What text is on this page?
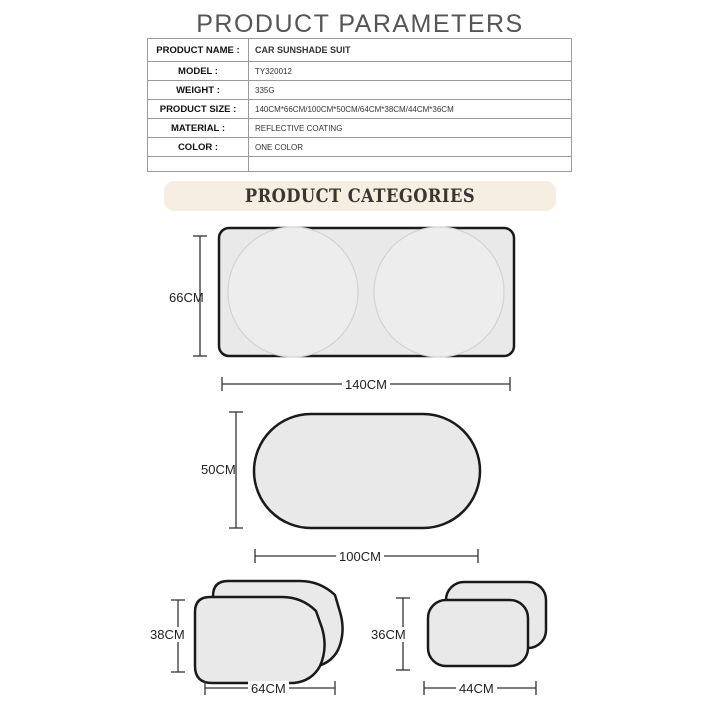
PRODUCT PARAMETERS
PRODUCT NAME :	CAR SUNSHADE SUIT
MODEL :	TY320012
WEIGHT :	335G
PRODUCT SIZE :	140CM*66CM/100CM*50CM/64CM*38CM/44CM*36CM
MATERIAL :	REFLECTIVE COATING
COLOR :	ONE COLOR

PRODUCT CATEGORIES
66CM
140CM
50CM
100CM
38CM
64CM
36CM
44CM
